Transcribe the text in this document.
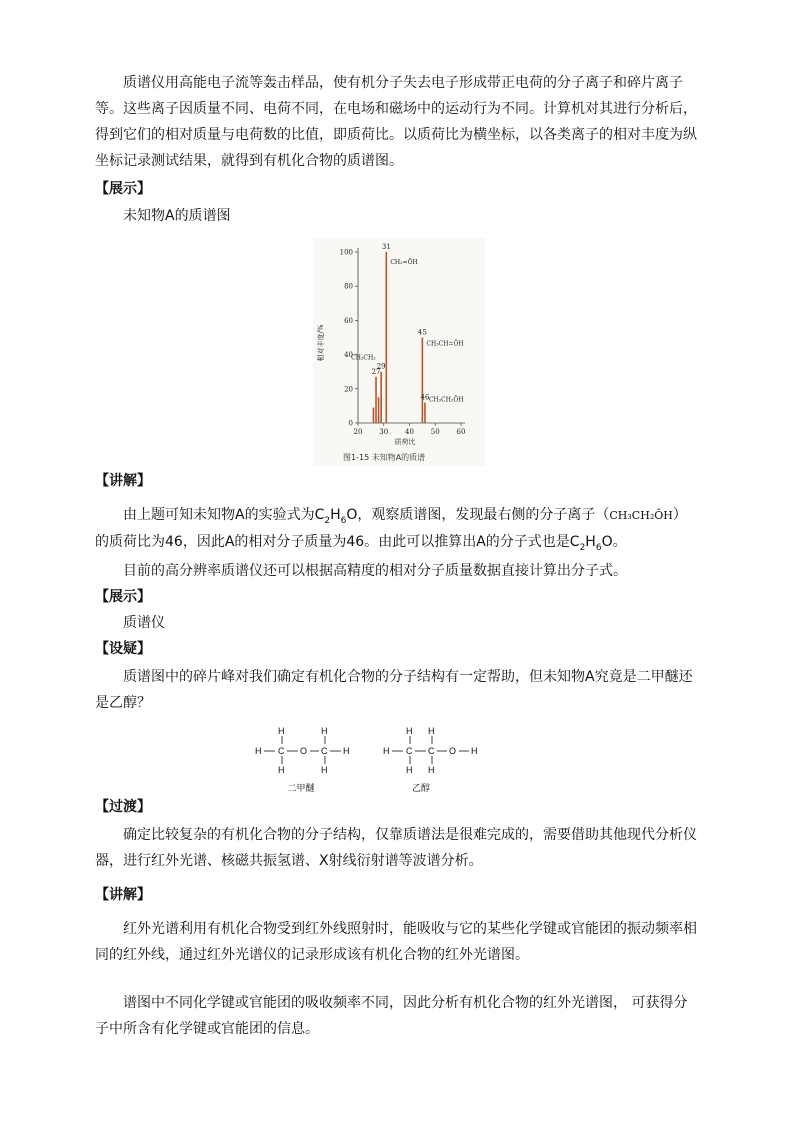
质谱仪用高能电子流等轰击样品，使有机分子失去电子形成带正电荷的分子离子和碎片离子等。这些离子因质量不同、电荷不同，在电场和磁场中的运动行为不同。计算机对其进行分析后，得到它们的相对质量与电荷数的比值，即质荷比。以质荷比为横坐标，以各类离子的相对丰度为纵坐标记录测试结果，就得到有机化合物的质谱图。

【展示】

未知物A的质谱图

【讲解】

由上题可知未知物A的实验式为$C_2H_6O$，观察质谱图，发现最右侧的分子离子（CH₃CH₂ŌH）的质荷比为46，因此A的相对分子质量为46。由此可以推算出A的分子式也是$C_2H_6O$。

目前的高分辨率质谱仪还可以根据高精度的相对分子质量数据直接计算出分子式。

【展示】

质谱仪

【设疑】

质谱图中的碎片峰对我们确定有机化合物的分子结构有一定帮助，但未知物A究竟是二甲醚还是乙醇？

【过渡】

确定比较复杂的有机化合物的分子结构，仅靠质谱法是很难完成的，需要借助其他现代分析仪器，进行红外光谱、核磁共振氢谱、X射线衍射谱等波谱分析。

【讲解】

红外光谱利用有机化合物受到红外线照射时，能吸收与它的某些化学键或官能团的振动频率相同的红外线，通过红外光谱仪的记录形成该有机化合物的红外光谱图。

谱图中不同化学键或官能团的吸收频率不同，因此分析有机化合物的红外光谱图， 可获得分子中所含有化学键或官能团的信息。

0
20
40
60
80
100
20 30 40 50 60
27
29
31
45
46
CH₂=ŌH
CH₃CH₂
CH₃CH=ŌH
CH₃CH₂ŌH
质荷比
相对丰度/%
图1-15 未知物A的质谱
H C O C H
H	H
H	H
二甲醚
H C C O H
H H
H H
乙醇
